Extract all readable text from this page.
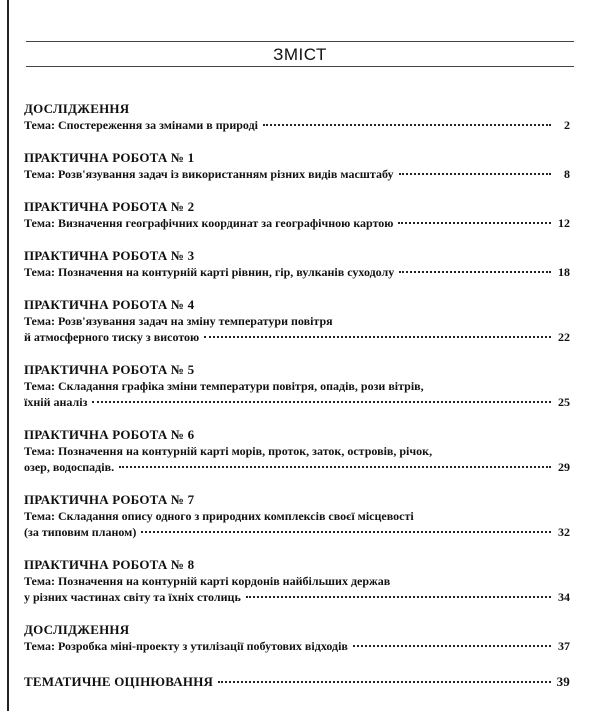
ЗМІСТ
ДОСЛІДЖЕННЯ
Тема: Спостереження за змінами в природі	2
ПРАКТИЧНА РОБОТА № 1
Тема: Розв'язування задач із використанням різних видів масштабу	8
ПРАКТИЧНА РОБОТА № 2
Тема: Визначення географічних координат за географічною картою	12
ПРАКТИЧНА РОБОТА № 3
Тема: Позначення на контурній карті рівнин, гір, вулканів суходолу	18
ПРАКТИЧНА РОБОТА № 4
Тема: Розв'язування задач на зміну температури повітря
й атмосферного тиску з висотою	22
ПРАКТИЧНА РОБОТА № 5
Тема: Складання графіка зміни температури повітря, опадів, рози вітрів,
їхній аналіз	25
ПРАКТИЧНА РОБОТА № 6
Тема: Позначення на контурній карті морів, проток, заток, островів, річок,
озер, водоспадів.	29
ПРАКТИЧНА РОБОТА № 7
Тема: Складання опису одного з природних комплексів своєї місцевості
(за типовим планом)	32
ПРАКТИЧНА РОБОТА № 8
Тема: Позначення на контурній карті кордонів найбільших держав
у різних частинах світу та їхніх столиць	34
ДОСЛІДЖЕННЯ
Тема: Розробка міні-проекту з утилізації побутових відходів	37
ТЕМАТИЧНЕ ОЦІНЮВАННЯ	39
